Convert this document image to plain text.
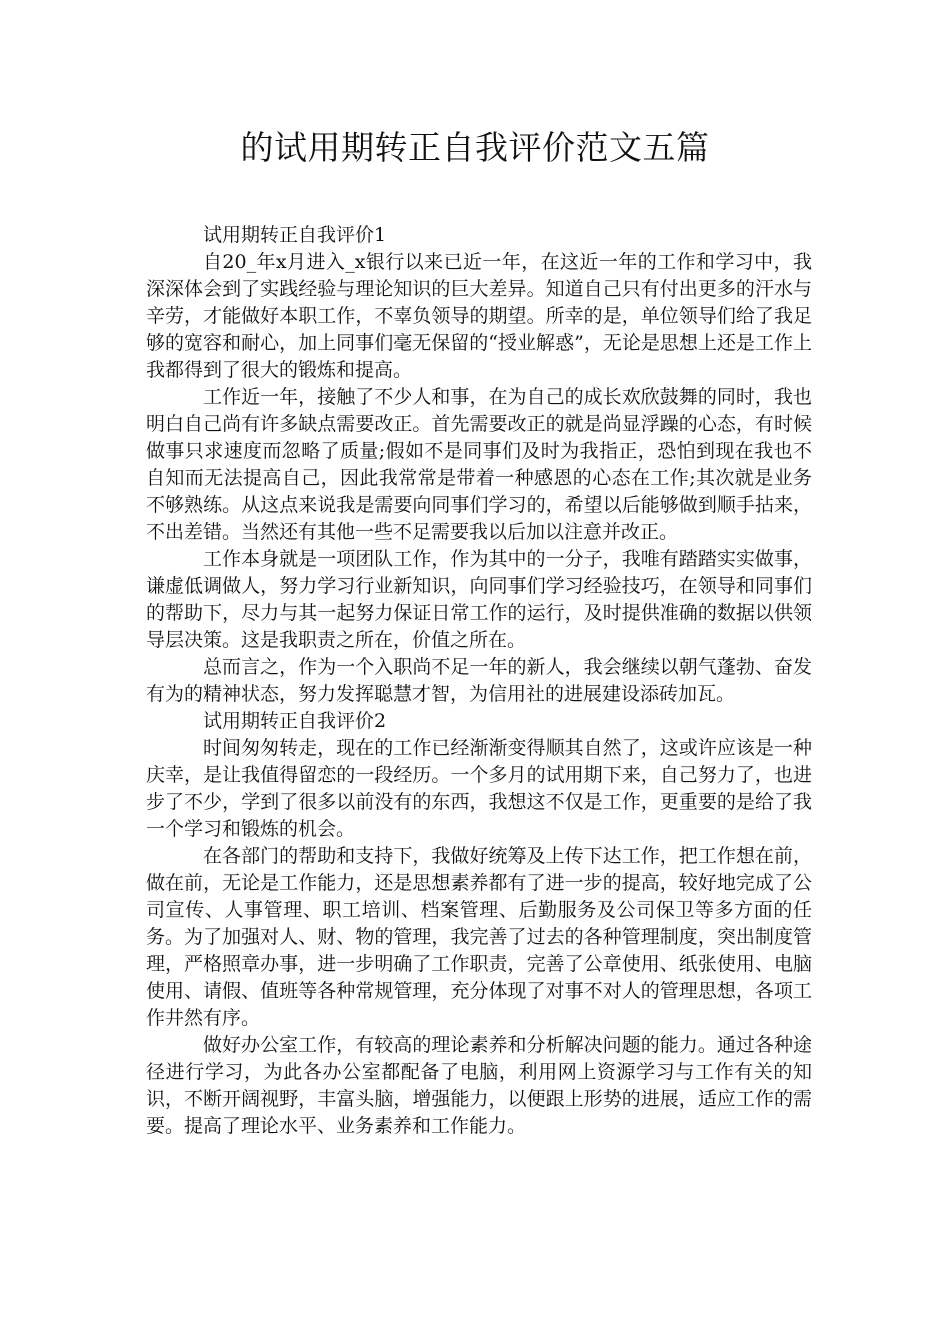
的试用期转正自我评价范文五篇

试用期转正自我评价1

自20_年x月进入_x银行以来已近一年，在这近一年的工作和学习中，我深深体会到了实践经验与理论知识的巨大差异。知道自己只有付出更多的汗水与辛劳，才能做好本职工作，不辜负领导的期望。所幸的是，单位领导们给了我足够的宽容和耐心，加上同事们毫无保留的“授业解惑”，无论是思想上还是工作上我都得到了很大的锻炼和提高。

工作近一年，接触了不少人和事，在为自己的成长欢欣鼓舞的同时，我也明白自己尚有许多缺点需要改正。首先需要改正的就是尚显浮躁的心态，有时候做事只求速度而忽略了质量;假如不是同事们及时为我指正，恐怕到现在我也不自知而无法提高自己，因此我常常是带着一种感恩的心态在工作;其次就是业务不够熟练。从这点来说我是需要向同事们学习的，希望以后能够做到顺手拈来，不出差错。当然还有其他一些不足需要我以后加以注意并改正。

工作本身就是一项团队工作，作为其中的一分子，我唯有踏踏实实做事，谦虚低调做人，努力学习行业新知识，向同事们学习经验技巧，在领导和同事们的帮助下，尽力与其一起努力保证日常工作的运行，及时提供准确的数据以供领导层决策。这是我职责之所在，价值之所在。

总而言之，作为一个入职尚不足一年的新人，我会继续以朝气蓬勃、奋发有为的精神状态，努力发挥聪慧才智，为信用社的进展建设添砖加瓦。

试用期转正自我评价2

时间匆匆转走，现在的工作已经渐渐变得顺其自然了，这或许应该是一种庆幸，是让我值得留恋的一段经历。一个多月的试用期下来，自己努力了，也进步了不少，学到了很多以前没有的东西，我想这不仅是工作，更重要的是给了我一个学习和锻炼的机会。

在各部门的帮助和支持下，我做好统筹及上传下达工作，把工作想在前，做在前，无论是工作能力，还是思想素养都有了进一步的提高，较好地完成了公司宣传、人事管理、职工培训、档案管理、后勤服务及公司保卫等多方面的任务。为了加强对人、财、物的管理，我完善了过去的各种管理制度，突出制度管理，严格照章办事，进一步明确了工作职责，完善了公章使用、纸张使用、电脑使用、请假、值班等各种常规管理，充分体现了对事不对人的管理思想，各项工作井然有序。

做好办公室工作，有较高的理论素养和分析解决问题的能力。通过各种途径进行学习，为此各办公室都配备了电脑，利用网上资源学习与工作有关的知识，不断开阔视野，丰富头脑，增强能力，以便跟上形势的进展，适应工作的需要。提高了理论水平、业务素养和工作能力。
